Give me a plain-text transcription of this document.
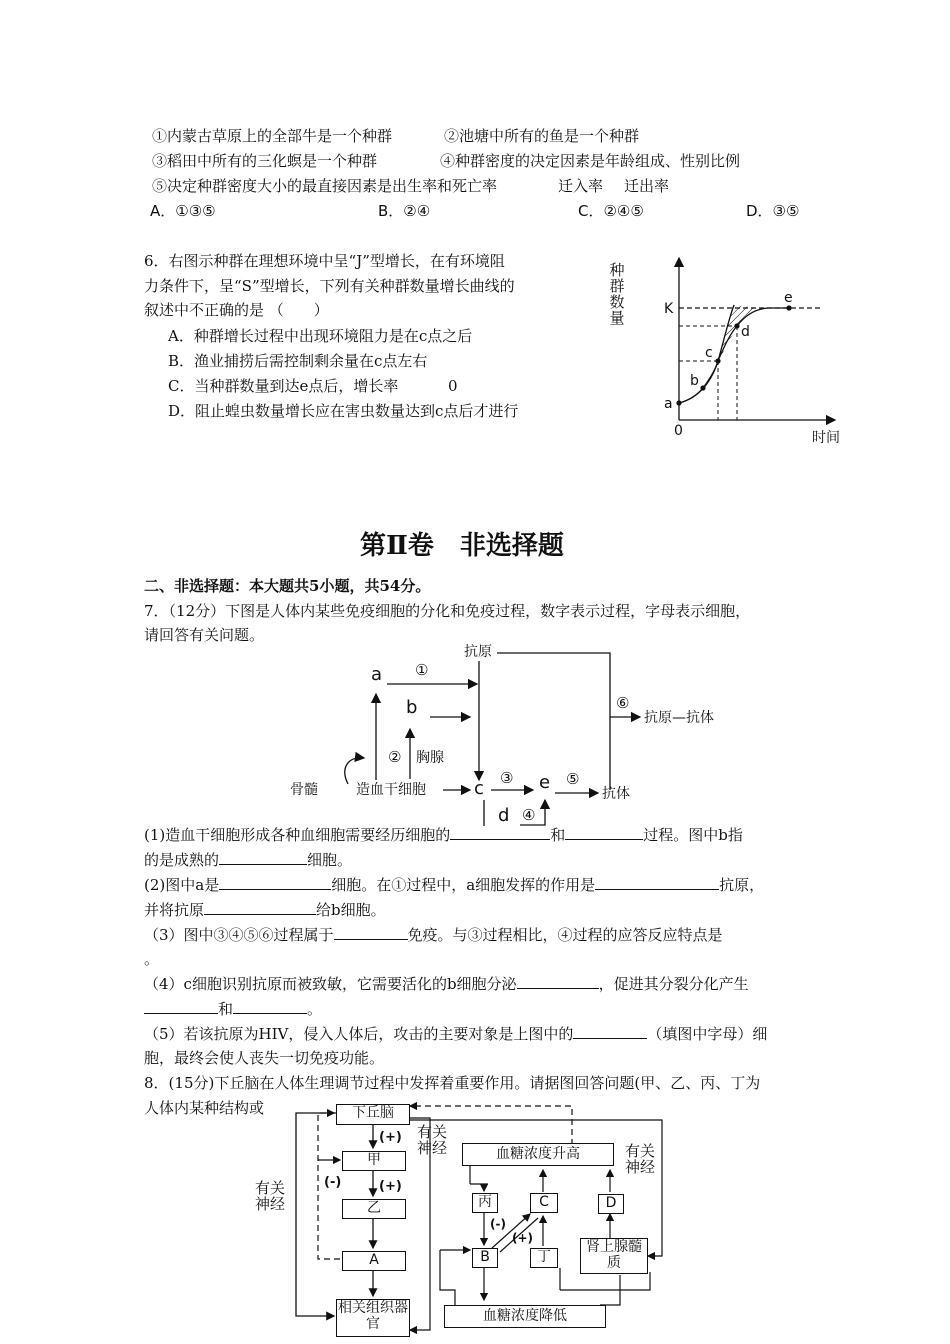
①内蒙古草原上的全部牛是一个种群	②池塘中所有的鱼是一个种群
③稻田中所有的三化螟是一个种群	④种群密度的决定因素是年龄组成、性别比例
⑤决定种群密度大小的最直接因素是出生率和死亡率	迁入率 迁出率
A．①③⑤	B．②④	C．②④⑤	D．③⑤
6．右图示种群在理想环境中呈“J”型增长，在有环境阻
力条件下，呈“S”型增长，下列有关种群数量增长曲线的
叙述中不正确的是 （　　）
A．种群增长过程中出现环境阻力是在c点之后
B．渔业捕捞后需控制剩余量在c点左右
C．当种群数量到达e点后，增长率	0
D．阻止蝗虫数量增长应在害虫数量达到c点后才进行
K
a
b
c
d
e
0	时间
种群数量
第Ⅱ卷　非选择题
二、非选择题：本大题共5小题，共54分。
7．（12分）下图是人体内某些免疫细胞的分化和免疫过程，数字表示过程，字母表示细胞，
请回答有关问题。
抗原
a
b
c
d
e
①
②
③
④
⑤
⑥
胸腺
骨髓	造血干细胞
抗原—抗体
抗体
(1)造血干细胞形成各种血细胞需要经历细胞的	和	过程。图中b指
的是成熟的	细胞。
(2)图中a是	细胞。在①过程中，a细胞发挥的作用是	抗原，
并将抗原	给b细胞。
（3）图中③④⑤⑥过程属于	免疫。与③过程相比，④过程的应答反应特点是
。
（4）c细胞识别抗原而被致敏，它需要活化的b细胞分泌	，促进其分裂分化产生
和	。
（5）若该抗原为HIV，侵入人体后，攻击的主要对象是上图中的	（填图中字母）细
胞，最终会使人丧失一切免疫功能。
8．(15分)下丘脑在人体生理调节过程中发挥着重要作用。请据图回答问题(甲、乙、丙、丁为
人体内某种结构或
(+)
(-)	(+)
(-)
(+)
下丘脑
甲
乙
A
相关组织器官
血糖浓度升高
丙	C
B	丁
D
肾上腺髓质
血糖浓度降低
有关神经
有关神经	有关神经
